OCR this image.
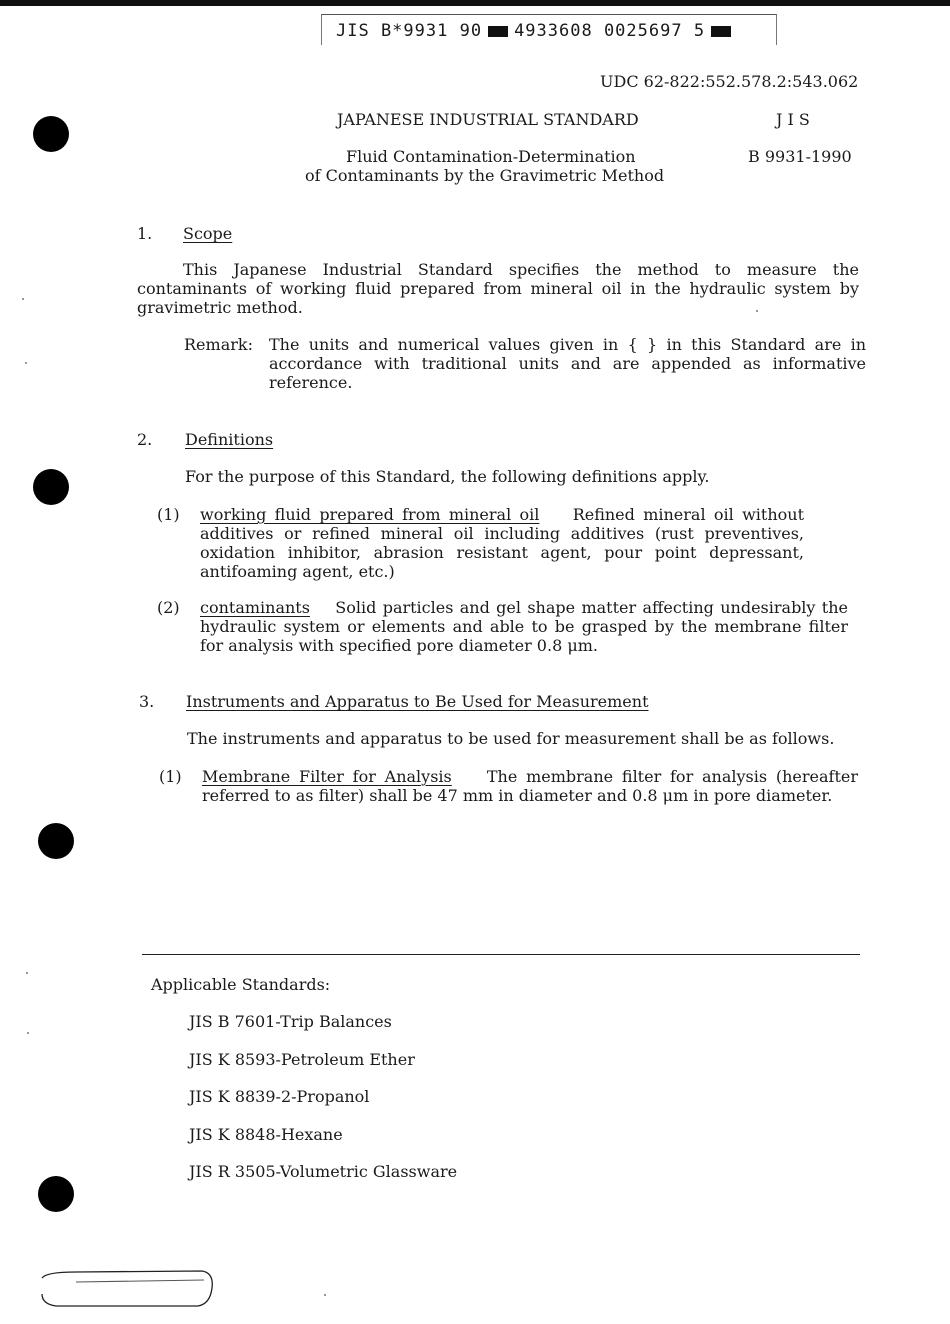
JIS B*9931 90 4933608 0025697 5
UDC 62-822:552.578.2:543.062
JAPANESE INDUSTRIAL STANDARD	J I S
Fluid Contamination-Determination
of Contaminants by the Gravimetric Method
B 9931-1990
1. Scope
This Japanese Industrial Standard specifies the method to measure the contaminants of working fluid prepared from mineral oil in the hydraulic system by gravimetric method.
Remark: The units and numerical values given in { } in this Standard are in accordance with traditional units and are appended as informative reference.
2. Definitions
For the purpose of this Standard, the following definitions apply.
(1) working fluid prepared from mineral oil Refined mineral oil without additives or refined mineral oil including additives (rust preventives, oxidation inhibitor, abrasion resistant agent, pour point depressant, antifoaming agent, etc.)
(2) contaminants Solid particles and gel shape matter affecting undesirably the hydraulic system or elements and able to be grasped by the membrane filter for analysis with specified pore diameter 0.8 μm.
3. Instruments and Apparatus to Be Used for Measurement
The instruments and apparatus to be used for measurement shall be as follows.
(1) Membrane Filter for Analysis The membrane filter for analysis (hereafter referred to as filter) shall be 47 mm in diameter and 0.8 μm in pore diameter.
Applicable Standards:
JIS B 7601-Trip Balances
JIS K 8593-Petroleum Ether
JIS K 8839-2-Propanol
JIS K 8848-Hexane
JIS R 3505-Volumetric Glassware
